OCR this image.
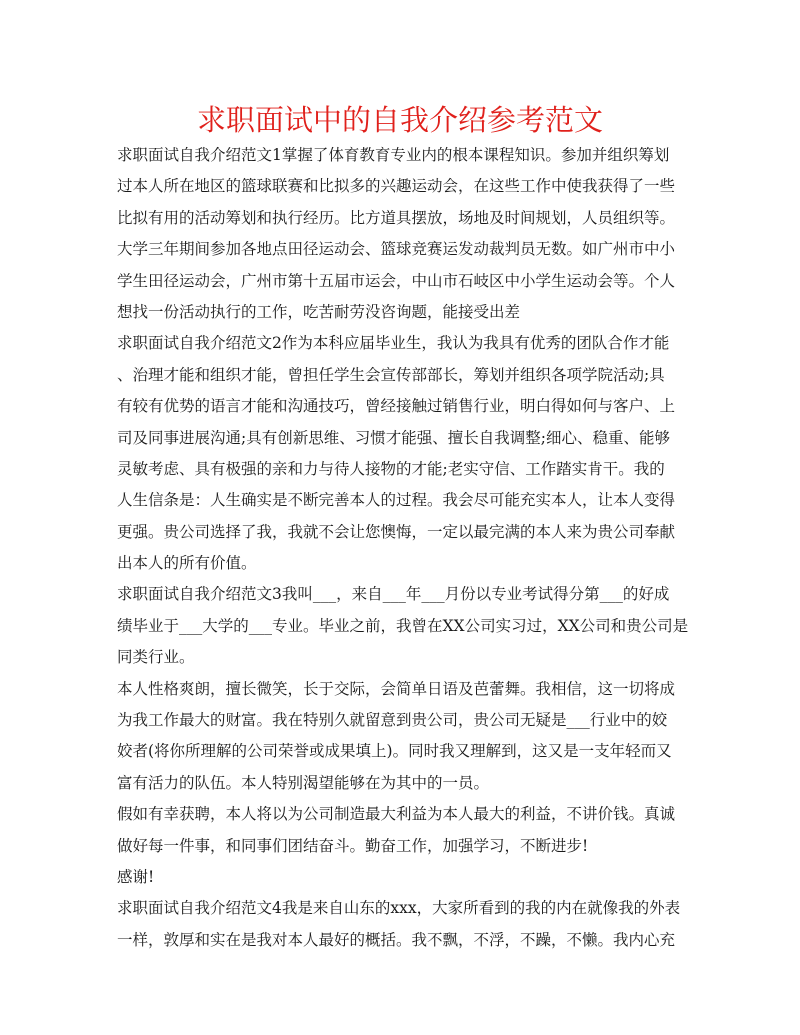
求职面试中的自我介绍参考范文
求职面试自我介绍范文1掌握了体育教育专业内的根本课程知识。参加并组织筹划
过本人所在地区的篮球联赛和比拟多的兴趣运动会，在这些工作中使我获得了一些
比拟有用的活动筹划和执行经历。比方道具摆放，场地及时间规划，人员组织等。
大学三年期间参加各地点田径运动会、篮球竞赛运发动裁判员无数。如广州市中小
学生田径运动会，广州市第十五届市运会，中山市石岐区中小学生运动会等。个人
想找一份活动执行的工作，吃苦耐劳没咨询题，能接受出差
求职面试自我介绍范文2作为本科应届毕业生，我认为我具有优秀的团队合作才能
、治理才能和组织才能，曾担任学生会宣传部部长，筹划并组织各项学院活动;具
有较有优势的语言才能和沟通技巧，曾经接触过销售行业，明白得如何与客户、上
司及同事进展沟通;具有创新思维、习惯才能强、擅长自我调整;细心、稳重、能够
灵敏考虑、具有极强的亲和力与待人接物的才能;老实守信、工作踏实肯干。我的
人生信条是：人生确实是不断完善本人的过程。我会尽可能充实本人，让本人变得
更强。贵公司选择了我，我就不会让您懊悔，一定以最完满的本人来为贵公司奉献
出本人的所有价值。
求职面试自我介绍范文3我叫___，来自___年___月份以专业考试得分第___的好成
绩毕业于___大学的___专业。毕业之前，我曾在XX公司实习过，XX公司和贵公司是
同类行业。
本人性格爽朗，擅长微笑，长于交际，会简单日语及芭蕾舞。我相信，这一切将成
为我工作最大的财富。我在特别久就留意到贵公司，贵公司无疑是___行业中的姣
姣者(将你所理解的公司荣誉或成果填上)。同时我又理解到，这又是一支年轻而又
富有活力的队伍。本人特别渴望能够在为其中的一员。
假如有幸获聘，本人将以为公司制造最大利益为本人最大的利益，不讲价钱。真诚
做好每一件事，和同事们团结奋斗。勤奋工作，加强学习，不断进步!
感谢!
求职面试自我介绍范文4我是来自山东的xxx，大家所看到的我的内在就像我的外表
一样，敦厚和实在是我对本人最好的概括。我不飘，不浮，不躁，不懒。我内心充
